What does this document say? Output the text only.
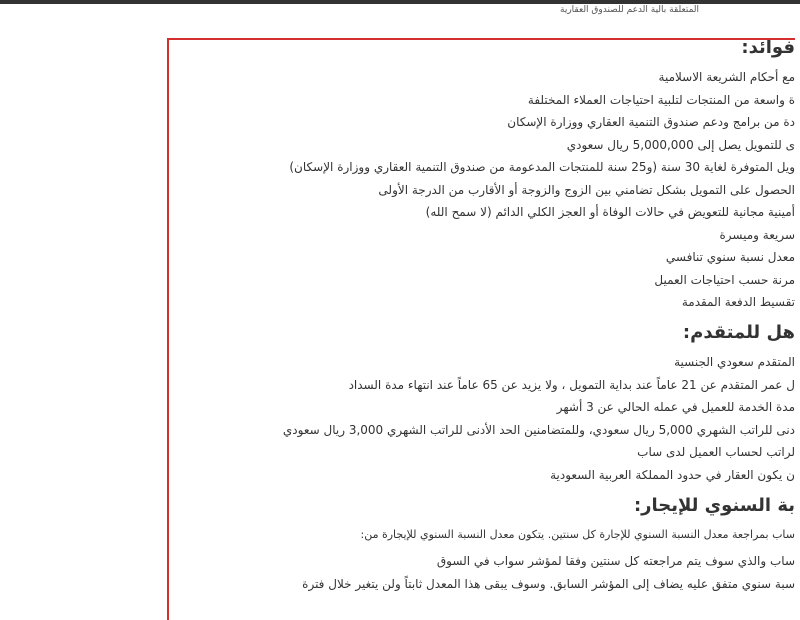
المتعلقة بالية الدعم للصندوق العقارية
فوائد:
مع أحكام الشريعة الاسلامية
ة واسعة من المنتجات لتلبية احتياجات العملاء المختلفة
دة من برامج ودعم صندوق التنمية العقاري ووزارة الإسكان
ى للتمويل يصل إلى 5,000,000 ريال سعودي
ويل المتوفرة لغاية 30 سنة (و25 سنة للمنتجات المدعومة من صندوق التنمية العقاري ووزارة الإسكان)
الحصول على التمويل بشكل تضامني بين الزوج والزوجة أو الأقارب من الدرجة الأولى
أمينية مجانية للتعويض في حالات الوفاة أو العجز الكلي الدائم (لا سمح الله)
سريعة وميسرة
معدل نسبة سنوي تنافسي
مرنة حسب احتياجات العميل
تقسيط الدفعة المقدمة
هل للمتقدم:
المتقدم سعودي الجنسية
ل عمر المتقدم عن 21 عاماً عند بداية التمويل ، ولا يزيد عن 65 عاماً عند انتهاء مدة السداد
مدة الخدمة للعميل في عمله الحالي عن 3 أشهر
دنى للراتب الشهري 5,000 ريال سعودي، وللمتضامنين الحد الأدنى للراتب الشهري 3,000 ريال سعودي
لراتب لحساب العميل لدى ساب
ن يكون العقار في حدود المملكة العربية السعودية
بة السنوي للإيجار:
ساب بمراجعة معدل النسبة السنوي للإجارة كل سنتين. يتكون معدل النسبة السنوي للإيجارة من:
ساب والذي سوف يتم مراجعته كل سنتين وفقا لمؤشر سواب في السوق
سبة سنوي متفق عليه يضاف إلى المؤشر السابق. وسوف يبقى هذا المعدل ثابتاً ولن يتغير خلال فترة
